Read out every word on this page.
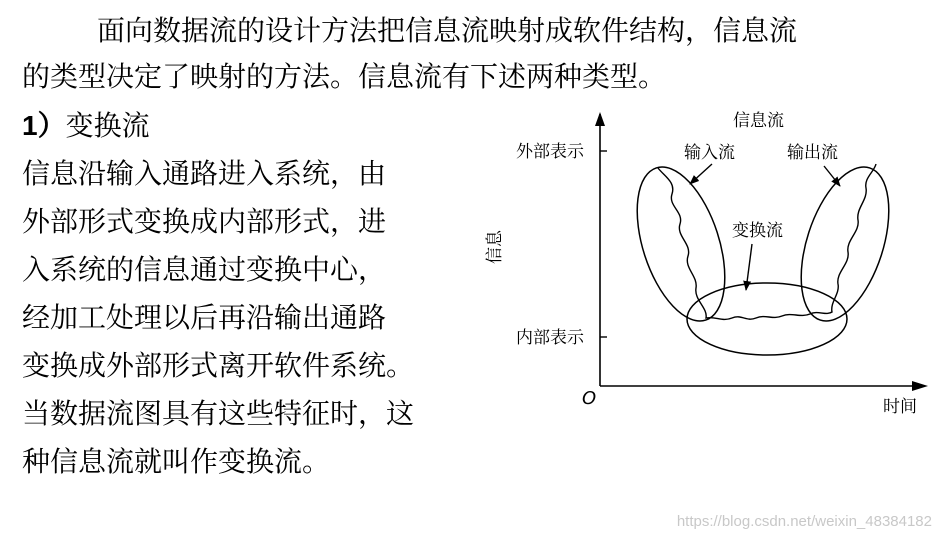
面向数据流的设计方法把信息流映射成软件结构，信息流
的类型决定了映射的方法。信息流有下述两种类型。

1）变换流

信息沿输入通路进入系统，由
外部形式变换成内部形式，进
入系统的信息通过变换中心，
经加工处理以后再沿输出通路
变换成外部形式离开软件系统。
当数据流图具有这些特征时，这
种信息流就叫作变换流。
信息流
外部表示
内部表示
信息
O	时间
输入流	输出流
变换流
https://blog.csdn.net/weixin_48384182
